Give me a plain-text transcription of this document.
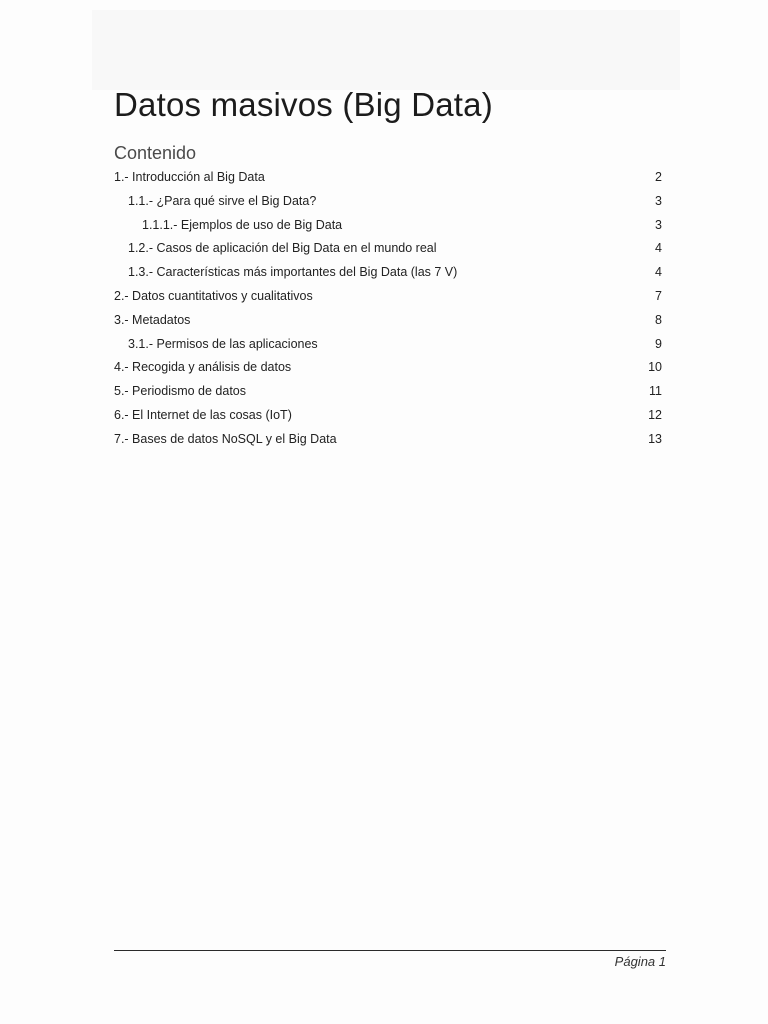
Datos masivos (Big Data)
Contenido
1.- Introducción al Big Data	2
1.1.- ¿Para qué sirve el Big Data?	3
1.1.1.- Ejemplos de uso de Big Data	3
1.2.- Casos de aplicación del Big Data en el mundo real	4
1.3.- Características más importantes del Big Data (las 7 V)	4
2.- Datos cuantitativos y cualitativos	7
3.- Metadatos	8
3.1.- Permisos de las aplicaciones	9
4.- Recogida y análisis de datos	10
5.- Periodismo de datos	11
6.- El Internet de las cosas (IoT)	12
7.- Bases de datos NoSQL y el Big Data	13
Página 1
